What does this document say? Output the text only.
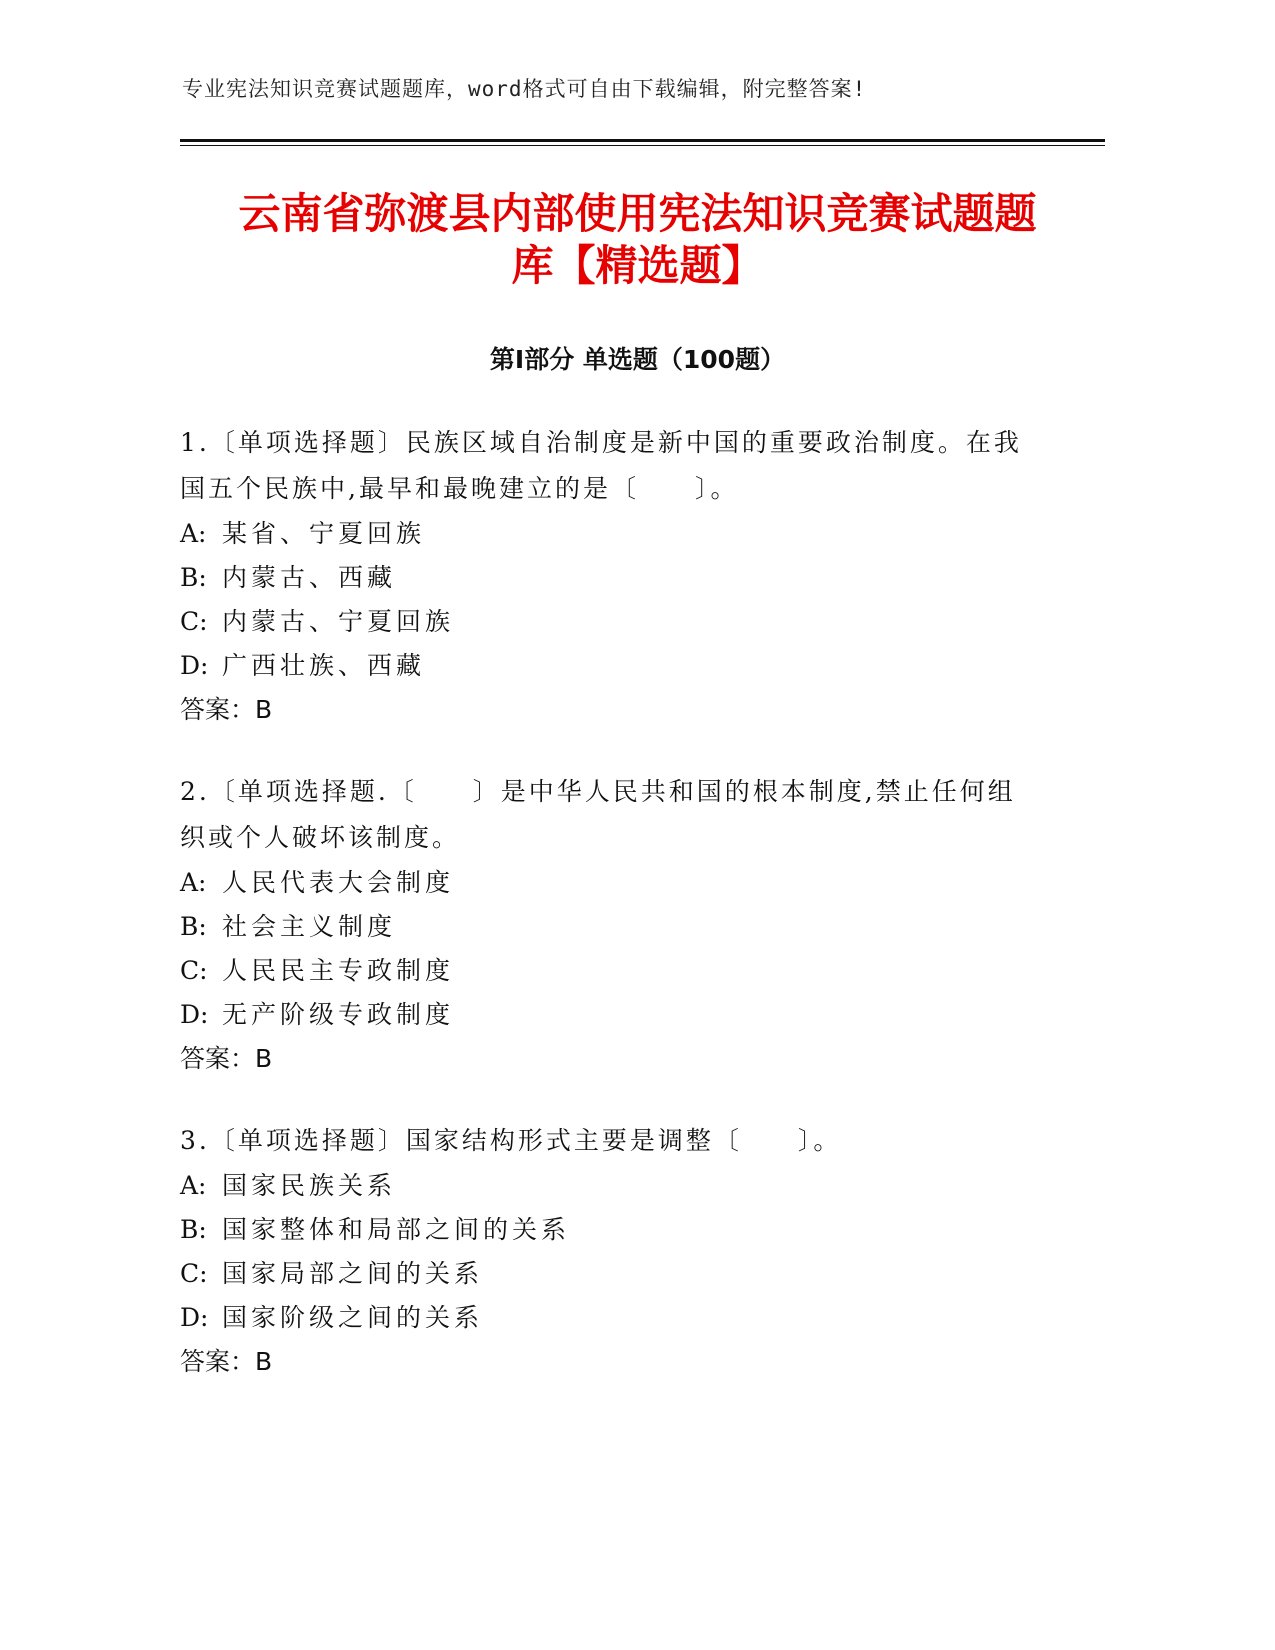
专业宪法知识竞赛试题题库，word格式可自由下载编辑，附完整答案!
云南省弥渡县内部使用宪法知识竞赛试题题
库【精选题】
第Ⅰ部分 单选题（100题）

1.〔单项选择题〕民族区域自治制度是新中国的重要政治制度。在我国五个民族中,最早和最晚建立的是〔　　〕。

A: 某省、宁夏回族
B: 内蒙古、西藏
C: 内蒙古、宁夏回族
D: 广西壮族、西藏
答案：B

2.〔单项选择题.〔　　〕是中华人民共和国的根本制度,禁止任何组织或个人破坏该制度。

A: 人民代表大会制度
B: 社会主义制度
C: 人民民主专政制度
D: 无产阶级专政制度
答案：B

3.〔单项选择题〕国家结构形式主要是调整〔　　〕。

A: 国家民族关系
B: 国家整体和局部之间的关系
C: 国家局部之间的关系
D: 国家阶级之间的关系
答案：B
